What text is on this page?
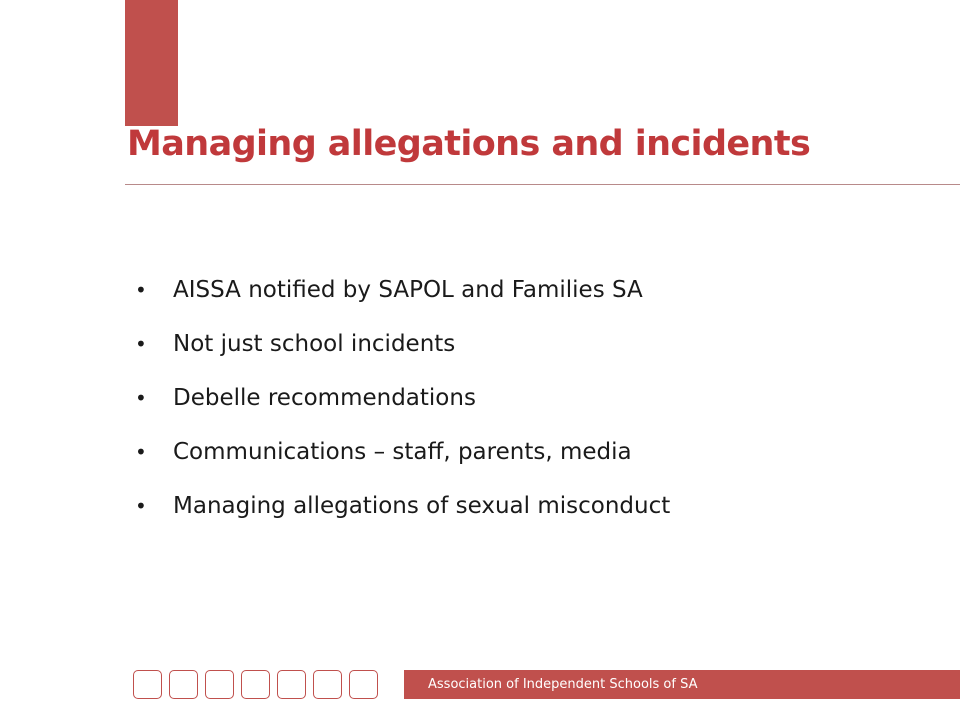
Managing allegations and incidents
•	AISSA notified by SAPOL and Families SA
•	Not just school incidents
•	Debelle recommendations
•	Communications – staff, parents, media
•	Managing allegations of sexual misconduct
Association of Independent Schools of SA
